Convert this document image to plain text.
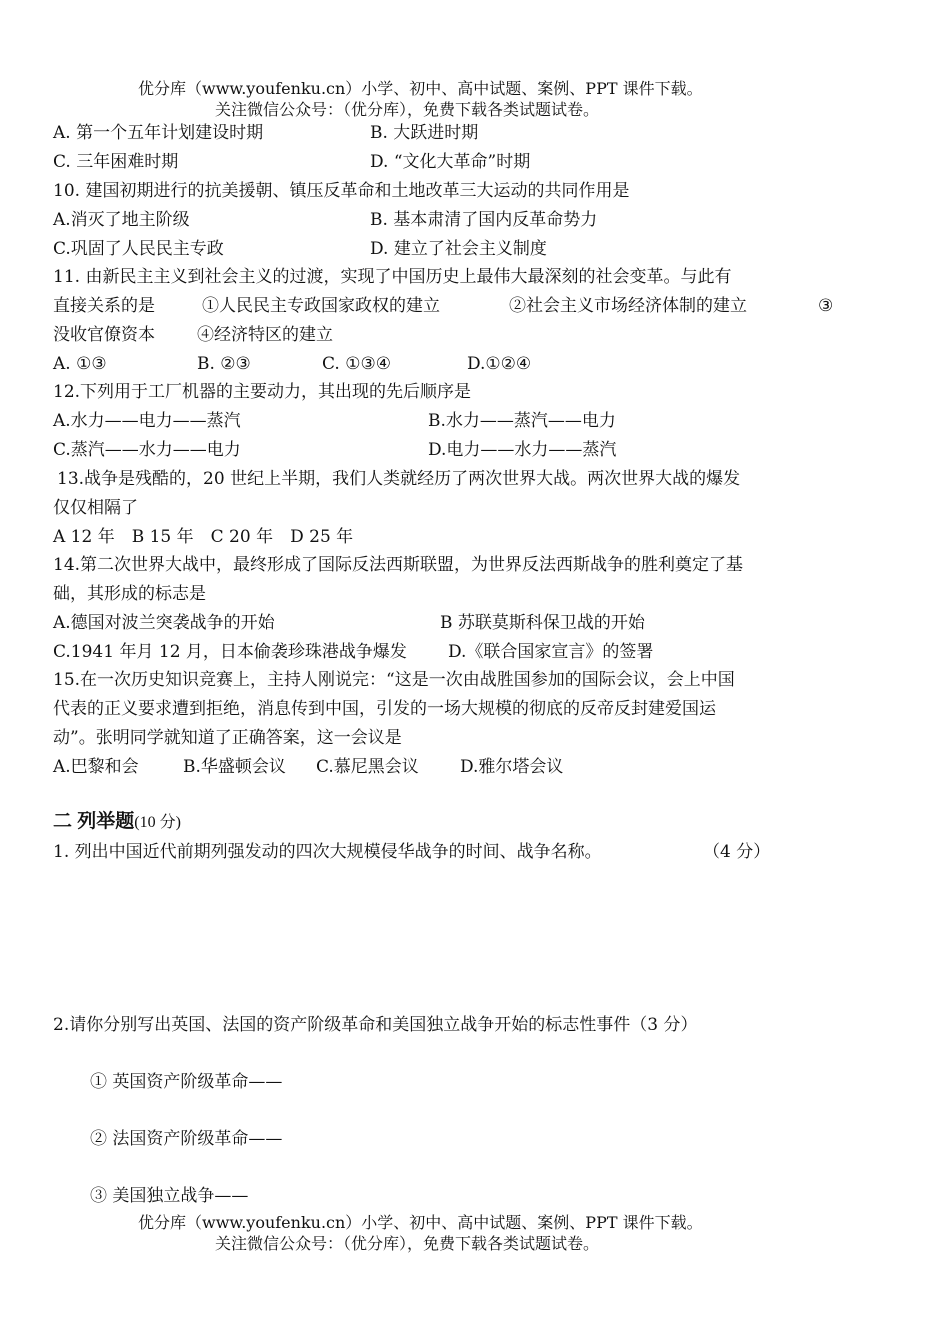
优分库（www.youfenku.cn）小学、初中、高中试题、案例、PPT 课件下载。
关注微信公众号：（优分库），免费下载各类试题试卷。
A. 第一个五年计划建设时期	B. 大跃进时期
C. 三年困难时期	D. “文化大革命”时期
10. 建国初期进行的抗美援朝、镇压反革命和土地改革三大运动的共同作用是
A.消灭了地主阶级	B. 基本肃清了国内反革命势力
C.巩固了人民民主专政	D. 建立了社会主义制度
11. 由新民主主义到社会主义的过渡，实现了中国历史上最伟大最深刻的社会变革。与此有
直接关系的是	①人民民主专政国家政权的建立	②社会主义市场经济体制的建立	③
没收官僚资本 ④经济特区的建立
A. ①③	B. ②③	C. ①③④	D.①②④
12.下列用于工厂机器的主要动力，其出现的先后顺序是
A.水力——电力——蒸汽	B.水力——蒸汽——电力
C.蒸汽——水力——电力	D.电力——水力——蒸汽
13.战争是残酷的，20 世纪上半期，我们人类就经历了两次世界大战。两次世界大战的爆发
仅仅相隔了
A 12 年　B 15 年　C 20 年　D 25 年
14.第二次世界大战中，最终形成了国际反法西斯联盟，为世界反法西斯战争的胜利奠定了基
础，其形成的标志是
A.德国对波兰突袭战争的开始	B 苏联莫斯科保卫战的开始
C.1941 年月 12 月，日本偷袭珍珠港战争爆发 D.《联合国家宣言》的签署
15.在一次历史知识竞赛上，主持人刚说完：“这是一次由战胜国参加的国际会议，会上中国
代表的正义要求遭到拒绝，消息传到中国，引发的一场大规模的彻底的反帝反封建爱国运
动”。张明同学就知道了正确答案，这一会议是
A.巴黎和会	B.华盛顿会议 C.慕尼黑会议 D.雅尔塔会议
二 列举题(10 分)
1. 列出中国近代前期列强发动的四次大规模侵华战争的时间、战争名称。	（4 分）
2.请你分别写出英国、法国的资产阶级革命和美国独立战争开始的标志性事件（3 分）
① 英国资产阶级革命——
② 法国资产阶级革命——
③ 美国独立战争——
优分库（www.youfenku.cn）小学、初中、高中试题、案例、PPT 课件下载。
关注微信公众号：（优分库），免费下载各类试题试卷。
